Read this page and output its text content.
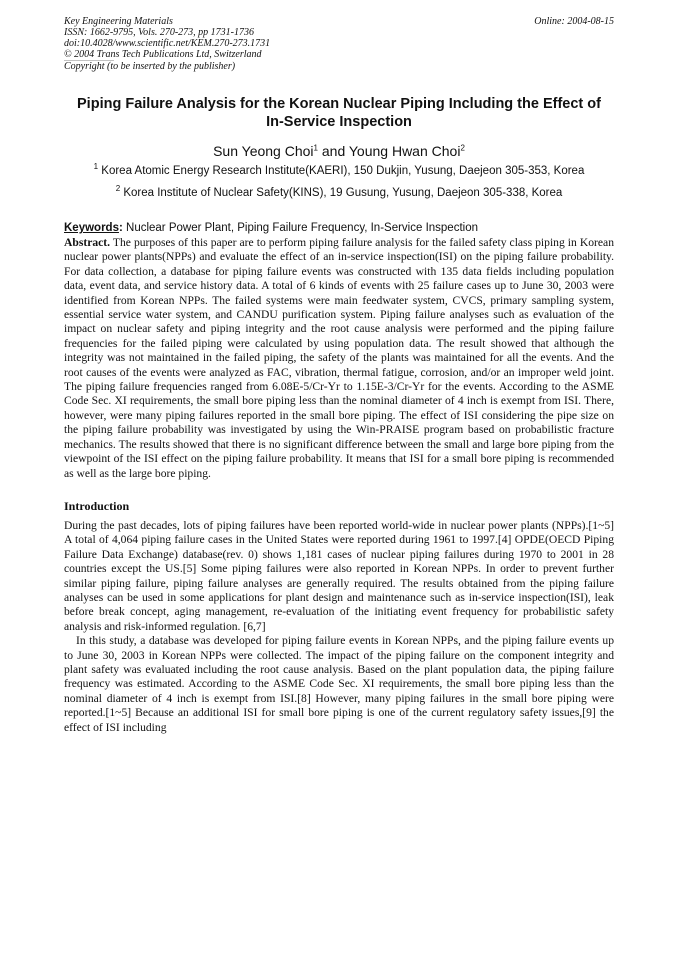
Key Engineering Materials
ISSN: 1662-9795, Vols. 270-273, pp 1731-1736
doi:10.4028/www.scientific.net/KEM.270-273.1731
© 2004 Trans Tech Publications Ltd, Switzerland
Online: 2004-08-15
Copyright (to be inserted by the publisher)
Piping Failure Analysis for the Korean Nuclear Piping Including the Effect of In-Service Inspection
Sun Yeong Choi$^1$ and Young Hwan Choi$^2$
$^1$ Korea Atomic Energy Research Institute(KAERI), 150 Dukjin, Yusung, Daejeon 305-353, Korea
$^2$ Korea Institute of Nuclear Safety(KINS), 19 Gusung, Yusung, Daejeon 305-338, Korea
Keywords: Nuclear Power Plant, Piping Failure Frequency, In-Service Inspection

Abstract. The purposes of this paper are to perform piping failure analysis for the failed safety class piping in Korean nuclear power plants(NPPs) and evaluate the effect of an in-service inspection(ISI) on the piping failure probability. For data collection, a database for piping failure events was constructed with 135 data fields including population data, event data, and service history data. A total of 6 kinds of events with 25 failure cases up to June 30, 2003 were identified from Korean NPPs. The failed systems were main feedwater system, CVCS, primary sampling system, essential service water system, and CANDU purification system. Piping failure analyses such as evaluation of the impact on nuclear safety and piping integrity and the root cause analysis were performed and the piping failure frequencies for the failed piping were calculated by using population data. The result showed that although the integrity was not maintained in the failed piping, the safety of the plants was maintained for all the events. And the root causes of the events were analyzed as FAC, vibration, thermal fatigue, corrosion, and/or an improper weld joint. The piping failure frequencies ranged from 6.08E-5/Cr-Yr to 1.15E-3/Cr-Yr for the events. According to the ASME Code Sec. XI requirements, the small bore piping less than the nominal diameter of 4 inch is exempt from ISI. There, however, were many piping failures reported in the small bore piping. The effect of ISI considering the pipe size on the piping failure probability was investigated by using the Win-PRAISE program based on probabilistic fracture mechanics. The results showed that there is no significant difference between the small and large bore piping from the viewpoint of the ISI effect on the piping failure probability. It means that ISI for a small bore piping is recommended as well as the large bore piping.

Introduction

During the past decades, lots of piping failures have been reported world-wide in nuclear power plants (NPPs).[1~5] A total of 4,064 piping failure cases in the United States were reported during 1961 to 1997.[4] OPDE(OECD Piping Failure Data Exchange) database(rev. 0) shows 1,181 cases of nuclear piping failures during 1970 to 2001 in 28 countries except the US.[5] Some piping failures were also reported in Korean NPPs. In order to prevent further similar piping failure, piping failure analyses are generally required. The results obtained from the piping failure analyses can be used in some applications for plant design and maintenance such as in-service inspection(ISI), leak before break concept, aging management, re-evaluation of the initiating event frequency for probabilistic safety analysis and risk-informed regulation. [6,7]

In this study, a database was developed for piping failure events in Korean NPPs, and the piping failure events up to June 30, 2003 in Korean NPPs were collected. The impact of the piping failure on the component integrity and plant safety was evaluated including the root cause analysis. Based on the plant population data, the piping failure frequency was estimated. According to the ASME Code Sec. XI requirements, the small bore piping less than the nominal diameter of 4 inch is exempt from ISI.[8] However, many piping failures in the small bore piping were reported.[1~5] Because an additional ISI for small bore piping is one of the current regulatory safety issues,[9] the effect of ISI including
